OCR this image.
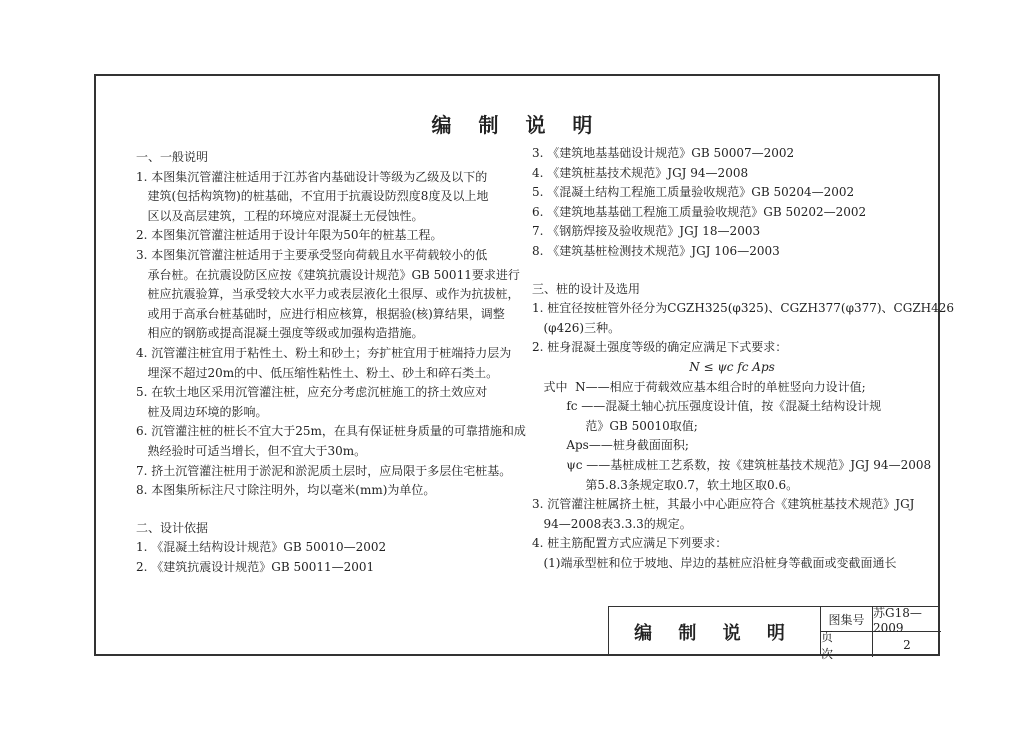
编 制 说 明
一、一般说明
1. 本图集沉管灌注桩适用于江苏省内基础设计等级为乙级及以下的
建筑(包括构筑物)的桩基础，不宜用于抗震设防烈度8度及以上地
区以及高层建筑，工程的环境应对混凝土无侵蚀性。
2. 本图集沉管灌注桩适用于设计年限为50年的桩基工程。
3. 本图集沉管灌注桩适用于主要承受竖向荷载且水平荷载较小的低
承台桩。在抗震设防区应按《建筑抗震设计规范》GB 50011要求进行
桩应抗震验算，当承受较大水平力或表层液化土很厚、或作为抗拔桩，
或用于高承台桩基础时，应进行相应核算，根据验(核)算结果，调整
相应的钢筋或提高混凝土强度等级或加强构造措施。
4. 沉管灌注桩宜用于粘性土、粉土和砂土；夯扩桩宜用于桩端持力层为
埋深不超过20m的中、低压缩性粘性土、粉土、砂土和碎石类土。
5. 在软土地区采用沉管灌注桩，应充分考虑沉桩施工的挤土效应对
桩及周边环境的影响。
6. 沉管灌注桩的桩长不宜大于25m，在具有保证桩身质量的可靠措施和成
熟经验时可适当增长，但不宜大于30m。
7. 挤土沉管灌注桩用于淤泥和淤泥质土层时，应局限于多层住宅桩基。
8. 本图集所标注尺寸除注明外，均以毫米(mm)为单位。
二、设计依据
1. 《混凝土结构设计规范》GB 50010—2002
2. 《建筑抗震设计规范》GB 50011—2001
3. 《建筑地基基础设计规范》GB 50007—2002
4. 《建筑桩基技术规范》JGJ 94—2008
5. 《混凝土结构工程施工质量验收规范》GB 50204—2002
6. 《建筑地基基础工程施工质量验收规范》GB 50202—2002
7. 《钢筋焊接及验收规范》JGJ 18—2003
8. 《建筑基桩检测技术规范》JGJ 106—2003
三、桩的设计及选用
1. 桩宜径按桩管外径分为CGZH325(φ325)、CGZH377(φ377)、CGZH426
(φ426)三种。
2. 桩身混凝土强度等级的确定应满足下式要求：
N ≤ ψc fc Aps
式中  N——相应于荷载效应基本组合时的单桩竖向力设计值;
fc ——混凝土轴心抗压强度设计值，按《混凝土结构设计规
范》GB 50010取值;
Aps——桩身截面面积;
ψc ——基桩成桩工艺系数，按《建筑桩基技术规范》JGJ 94—2008
第5.8.3条规定取0.7，软土地区取0.6。
3. 沉管灌注桩属挤土桩，其最小中心距应符合《建筑桩基技术规范》JGJ
94—2008表3.3.3的规定。
4. 桩主筋配置方式应满足下列要求：
(1)端承型桩和位于坡地、岸边的基桩应沿桩身等截面或变截面通长
编 制 说 明
图集号 苏G18—2009
页 次
2
